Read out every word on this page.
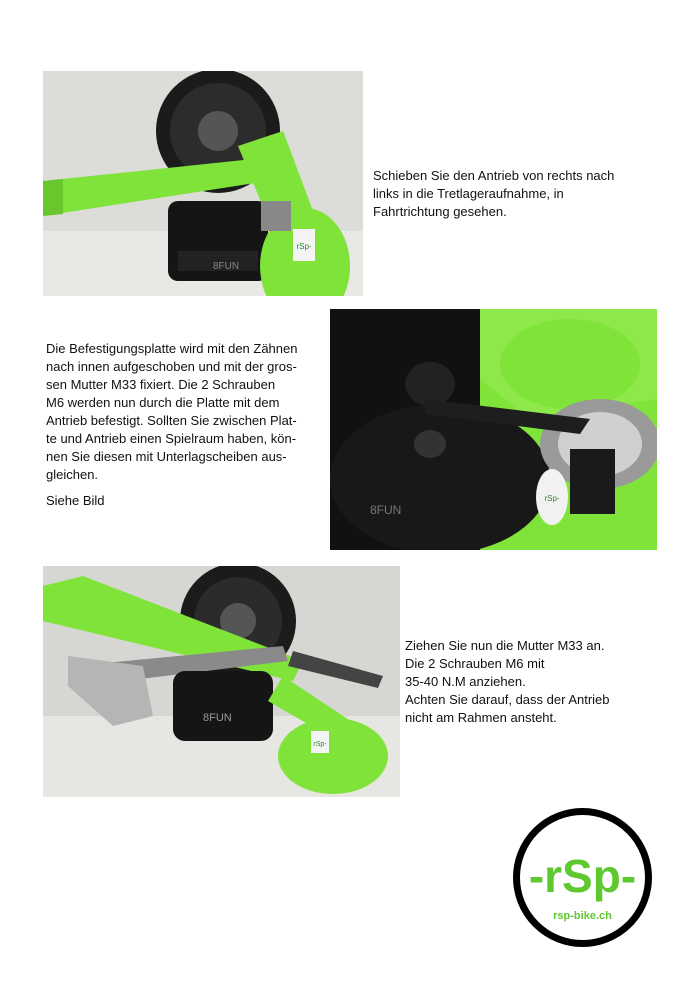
rSp-
8FUN

Schieben Sie den Antrieb von rechts nach

links in die Tretlageraufnahme, in

Fahrtrichtung gesehen.

Die Befestigungsplatte wird mit den Zähnen

nach innen aufgeschoben und mit der gros-

sen Mutter M33 fixiert. Die 2 Schrauben

M6 werden nun durch die Platte mit dem

Antrieb befestigt. Sollten Sie zwischen Plat-

te und Antrieb einen Spielraum haben, kön-

nen Sie diesen mit Unterlagscheiben aus-

gleichen.

Siehe Bild	rSp-
8FUN
rSp-
8FUN

Ziehen Sie nun die Mutter M33 an.

Die 2 Schrauben M6 mit

35-40 N.M anziehen.

Achten Sie darauf, dass der Antrieb

nicht am Rahmen ansteht.

-rSp-
rsp-bike.ch
